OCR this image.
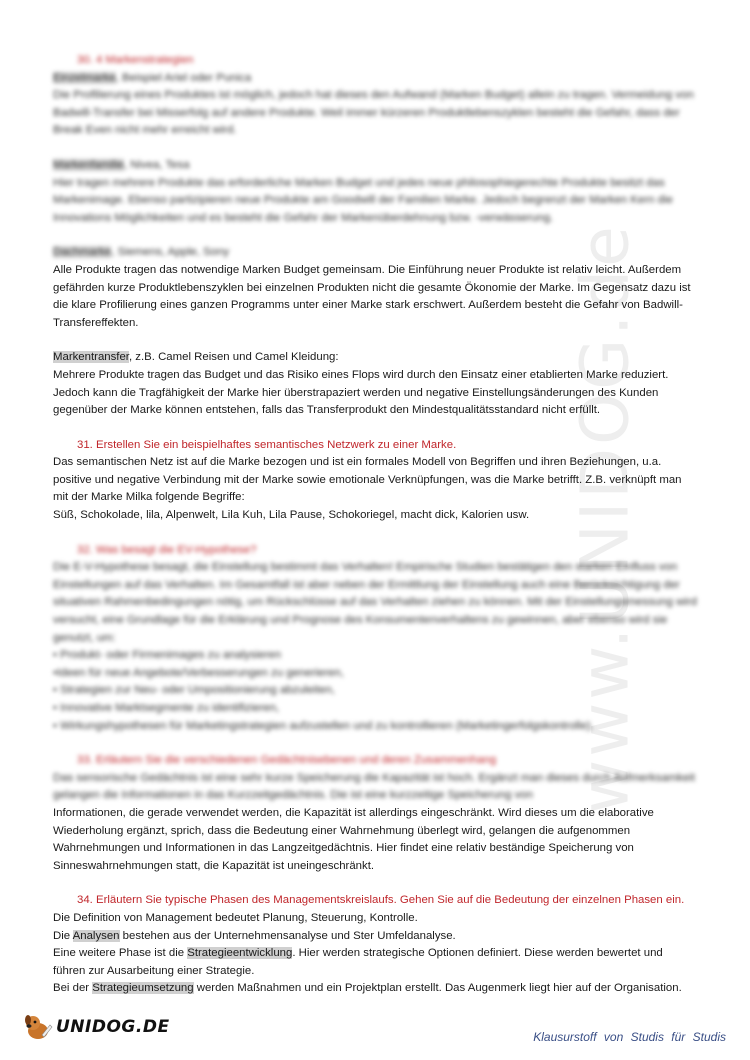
www.UNIDOG.de
30. 4 Markenstrategien
Einzelmarke, Beispiel Ariel oder Punica
Die Profilierung eines Produktes ist möglich, jedoch hat dieses den Aufwand (Marken Budget) allein zu tragen. Vermeidung von Badwill-Transfer bei Misserfolg auf andere Produkte. Weil immer kürzeren Produktlebenszyklen besteht die Gefahr, dass der Break Even nicht mehr erreicht wird.
Markenfamilie, Nivea, Tesa
Hier tragen mehrere Produkte das erforderliche Marken Budget und jedes neue philosophiegerechte Produkte besitzt das Markenimage. Ebenso partizipieren neue Produkte am Goodwill der Familien Marke. Jedoch begrenzt der Marken Kern die Innovations Möglichkeiten und es besteht die Gefahr der Markenüberdehnung bzw. -verwässerung.
Dachmarke, Siemens, Apple, Sony
Alle Produkte tragen das notwendige Marken Budget gemeinsam. Die Einführung neuer Produkte ist relativ leicht. Außerdem gefährden kurze Produktlebenszyklen bei einzelnen Produkten nicht die gesamte Ökonomie der Marke. Im Gegensatz dazu ist die klare Profilierung eines ganzen Programms unter einer Marke stark erschwert. Außerdem besteht die Gefahr von Badwill-Transfereffekten.
Markentransfer, z.B. Camel Reisen und Camel Kleidung:
Mehrere Produkte tragen das Budget und das Risiko eines Flops wird durch den Einsatz einer etablierten Marke reduziert. Jedoch kann die Tragfähigkeit der Marke hier überstrapaziert werden und negative Einstellungsänderungen des Kunden gegenüber der Marke können entstehen, falls das Transferprodukt den Mindestqualitätsstandard nicht erfüllt.
31. Erstellen Sie ein beispielhaftes semantisches Netzwerk zu einer Marke.
Das semantischen Netz ist auf die Marke bezogen und ist ein formales Modell von Begriffen und ihren Beziehungen, u.a. positive und negative Verbindung mit der Marke sowie emotionale Verknüpfungen, was die Marke betrifft. Z.B. verknüpft man mit der Marke Milka folgende Begriffe:
Süß, Schokolade, lila, Alpenwelt, Lila Kuh, Lila Pause, Schokoriegel, macht dick, Kalorien usw.
32. Was besagt die EV-Hypothese?
Die E-V-Hypothese besagt, die Einstellung bestimmt das Verhalten! Empirische Studien bestätigen den starken Einfluss von Einstellungen auf das Verhalten. Im Gesamtfall ist aber neben der Ermittlung der Einstellung auch eine Berücksichtigung der situativen Rahmenbedingungen nötig, um Rückschlüsse auf das Verhalten ziehen zu können. Mit der Einstellungsmessung wird versucht, eine Grundlage für die Erklärung und Prognose des Konsumentenverhaltens zu gewinnen, aber ebenso wird sie genutzt, um:
• Produkt- oder Firmenimages zu analysieren
•Ideen für neue Angebote/Verbesserungen zu generieren,
• Strategien zur Neu- oder Umpositionierung abzuleiten,
• Innovative Marktsegmente zu identifizieren,
• Wirkungshypothesen für Marketingstrategien aufzustellen und zu kontrollieren (Marketingerfolgskontrolle).
33. Erläutern Sie die verschiedenen Gedächtnisebenen und deren Zusammenhang
Das sensorische Gedächtnis ist eine sehr kurze Speicherung die Kapazität ist hoch. Ergänzt man dieses durch Aufmerksamkeit gelangen die Informationen in das Kurzzeitgedächtnis. Die ist eine kurzzeitige Speicherung von
Informationen, die gerade verwendet werden, die Kapazität ist allerdings eingeschränkt. Wird dieses um die elaborative Wiederholung ergänzt, sprich, dass die Bedeutung einer Wahrnehmung überlegt wird, gelangen die aufgenommen Wahrnehmungen und Informationen in das Langzeitgedächtnis. Hier findet eine relativ beständige Speicherung von Sinneswahrnehmungen statt, die Kapazität ist uneingeschränkt.
34. Erläutern Sie typische Phasen des Managementskreislaufs. Gehen Sie auf die Bedeutung der einzelnen Phasen ein.
Die Definition von Management bedeutet Planung, Steuerung, Kontrolle.
Die Analysen bestehen aus der Unternehmensanalyse und Ster Umfeldanalyse.
Eine weitere Phase ist die Strategieentwicklung. Hier werden strategische Optionen definiert. Diese werden bewertet und führen zur Ausarbeitung einer Strategie.
Bei der Strategieumsetzung werden Maßnahmen und ein Projektplan erstellt. Das Augenmerk liegt hier auf der Organisation.
UNIDOG.DE	Klausurstoff von Studis für Studis
